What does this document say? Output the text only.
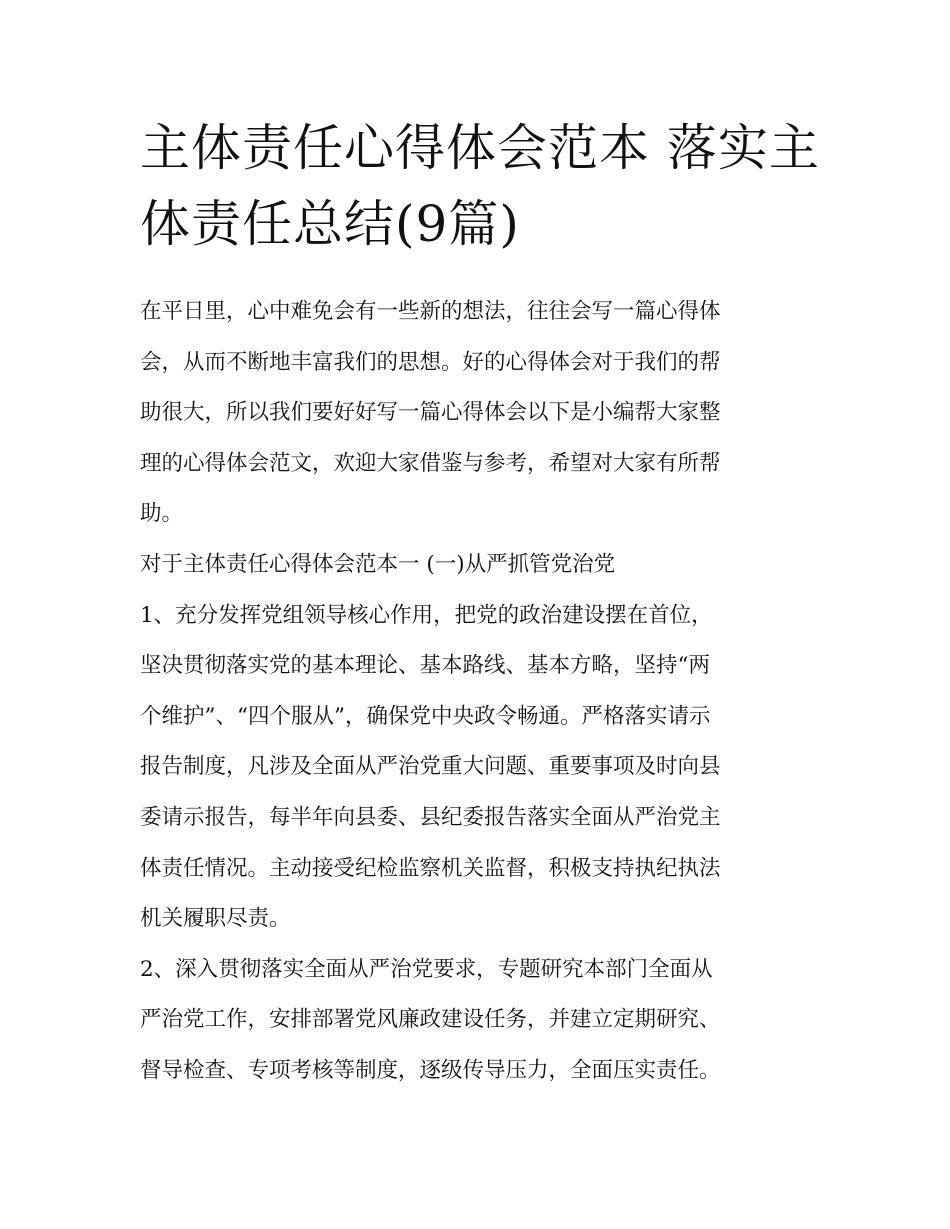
主体责任心得体会范本 落实主
体责任总结(9篇)
在平日里，心中难免会有一些新的想法，往往会写一篇心得体
会，从而不断地丰富我们的思想。好的心得体会对于我们的帮
助很大，所以我们要好好写一篇心得体会以下是小编帮大家整
理的心得体会范文，欢迎大家借鉴与参考，希望对大家有所帮
助。
对于主体责任心得体会范本一 (一)从严抓管党治党
1、充分发挥党组领导核心作用，把党的政治建设摆在首位，
坚决贯彻落实党的基本理论、基本路线、基本方略，坚持“两
个维护”、“四个服从”，确保党中央政令畅通。严格落实请示
报告制度，凡涉及全面从严治党重大问题、重要事项及时向县
委请示报告，每半年向县委、县纪委报告落实全面从严治党主
体责任情况。主动接受纪检监察机关监督，积极支持执纪执法
机关履职尽责。
2、深入贯彻落实全面从严治党要求，专题研究本部门全面从
严治党工作，安排部署党风廉政建设任务，并建立定期研究、
督导检查、专项考核等制度，逐级传导压力，全面压实责任。
